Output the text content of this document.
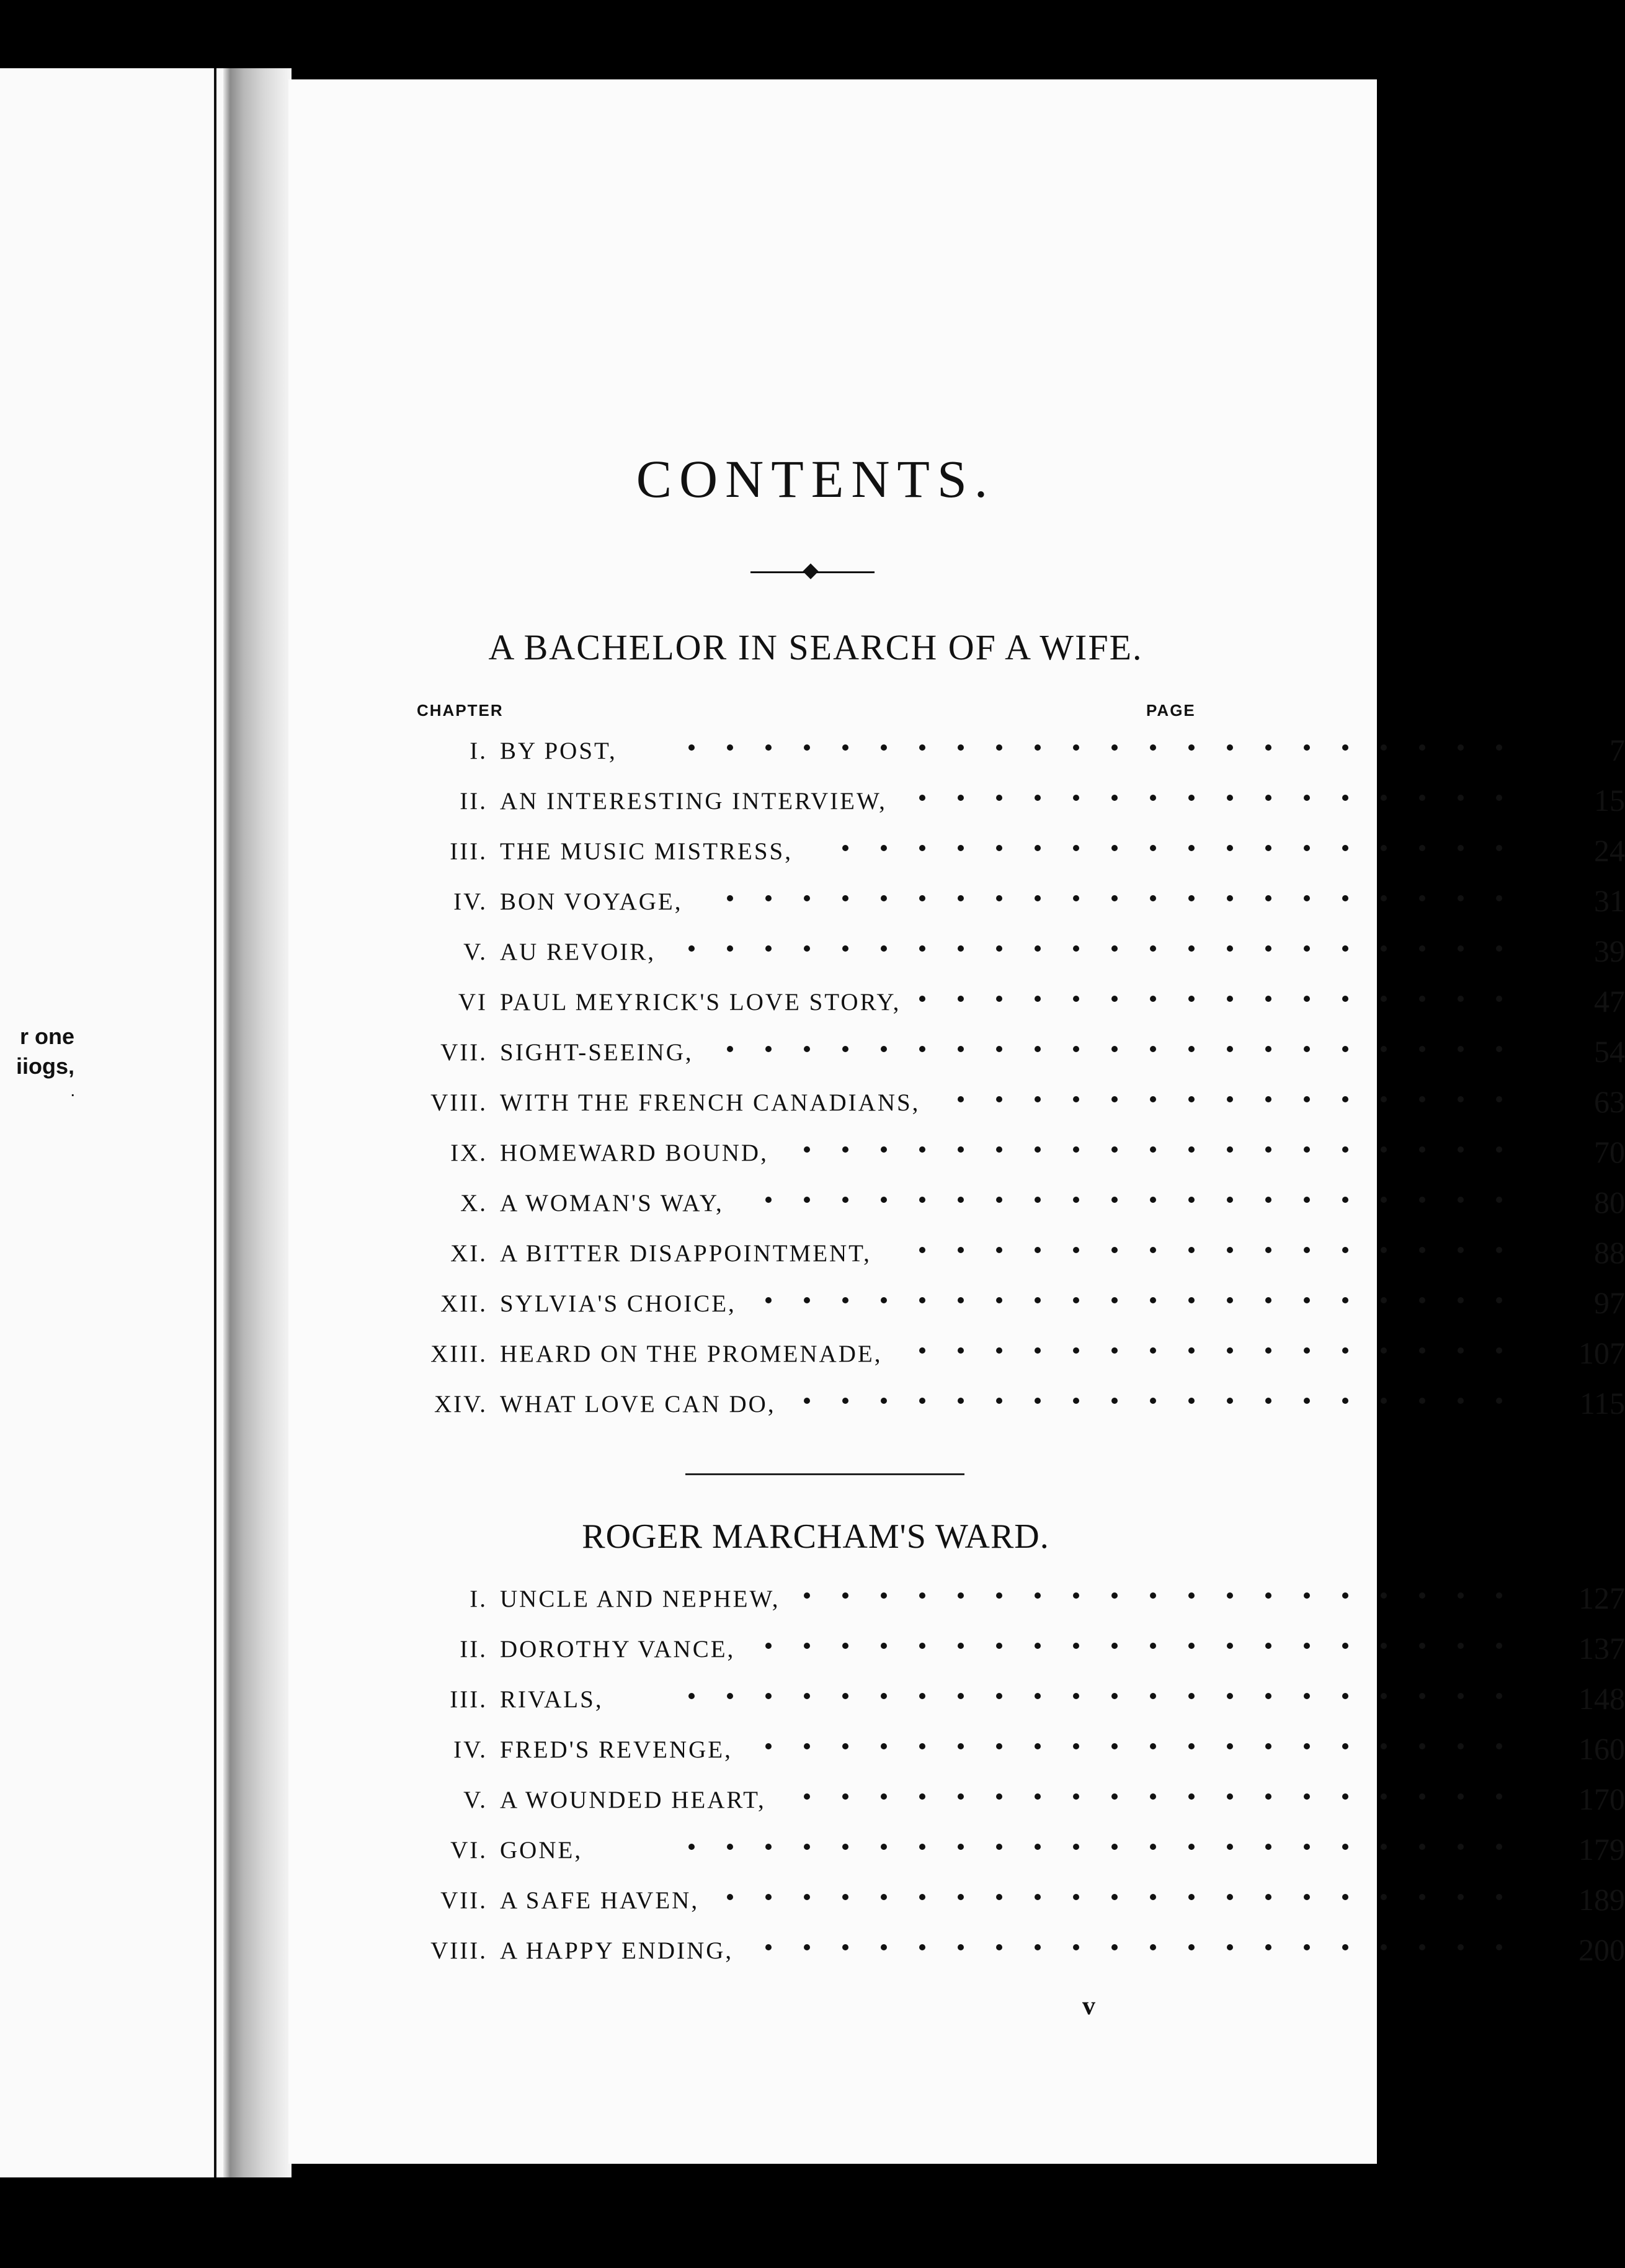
r one
iiogs,
.
CONTENTS.
A BACHELOR IN SEARCH OF A WIFE.
CHAPTER	PAGE
I. BY POST,	7
II. AN INTERESTING INTERVIEW,	15
III. THE MUSIC MISTRESS,	24
IV. BON VOYAGE,	31
V. AU REVOIR,	39
VI PAUL MEYRICK'S LOVE STORY,	47
VII. SIGHT-SEEING,	54
VIII. WITH THE FRENCH CANADIANS,	63
IX. HOMEWARD BOUND,	70
X. A WOMAN'S WAY,	80
XI. A BITTER DISAPPOINTMENT,	88
XII. SYLVIA'S CHOICE,	97
XIII. HEARD ON THE PROMENADE,	107
XIV. WHAT LOVE CAN DO,	115
ROGER MARCHAM'S WARD.
I. UNCLE AND NEPHEW,	127
II. DOROTHY VANCE,	137
III. RIVALS,	148
IV. FRED'S REVENGE,	160
V. A WOUNDED HEART,	170
VI. GONE,	179
VII. A SAFE HAVEN,	189
VIII. A HAPPY ENDING,	200
v
